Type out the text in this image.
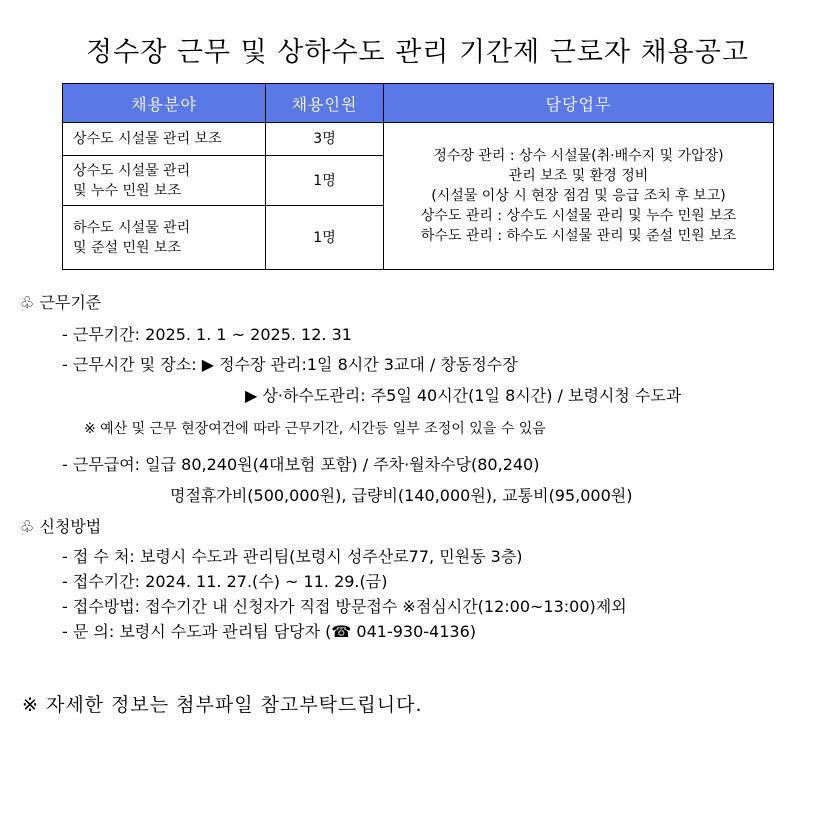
정수장 근무 및 상하수도 관리 기간제 근로자 채용공고
채용분야	채용인원	담당업무
상수도 시설물 관리 보조	3명	정수장 관리 : 상수 시설물(취·배수지 및 가압장)
관리 보조 및 환경 정비
(시설물 이상 시 현장 점검 및 응급 조치 후 보고)
상수도 관리 : 상수도 시설물 관리 및 누수 민원 보조
하수도 관리 : 하수도 시설물 관리 및 준설 민원 보조

상수도 시설물 관리
및 누수 민원 보조	1명	

하수도 시설물 관리
및 준설 민원 보조	1명	
♧ 근무기준
- 근무기간: 2025. 1. 1 ~ 2025. 12. 31
- 근무시간 및 장소: ▶ 정수장 관리:1일 8시간 3교대 / 창동정수장
▶ 상·하수도관리: 주5일 40시간(1일 8시간) / 보령시청 수도과
※ 예산 및 근무 현장여건에 따라 근무기간, 시간등 일부 조정이 있을 수 있음
- 근무급여: 일급 80,240원(4대보험 포함) / 주차·월차수당(80,240)
명절휴가비(500,000원), 급량비(140,000원), 교통비(95,000원)
♧ 신청방법
- 접 수 처: 보령시 수도과 관리팀(보령시 성주산로77, 민원동 3층)
- 접수기간: 2024. 11. 27.(수) ~ 11. 29.(금)
- 접수방법: 접수기간 내 신청자가 직접 방문접수 ※점심시간(12:00~13:00)제외
- 문 의: 보령시 수도과 관리팀 담당자 (☎ 041-930-4136)
※ 자세한 정보는 첨부파일 참고부탁드립니다.
